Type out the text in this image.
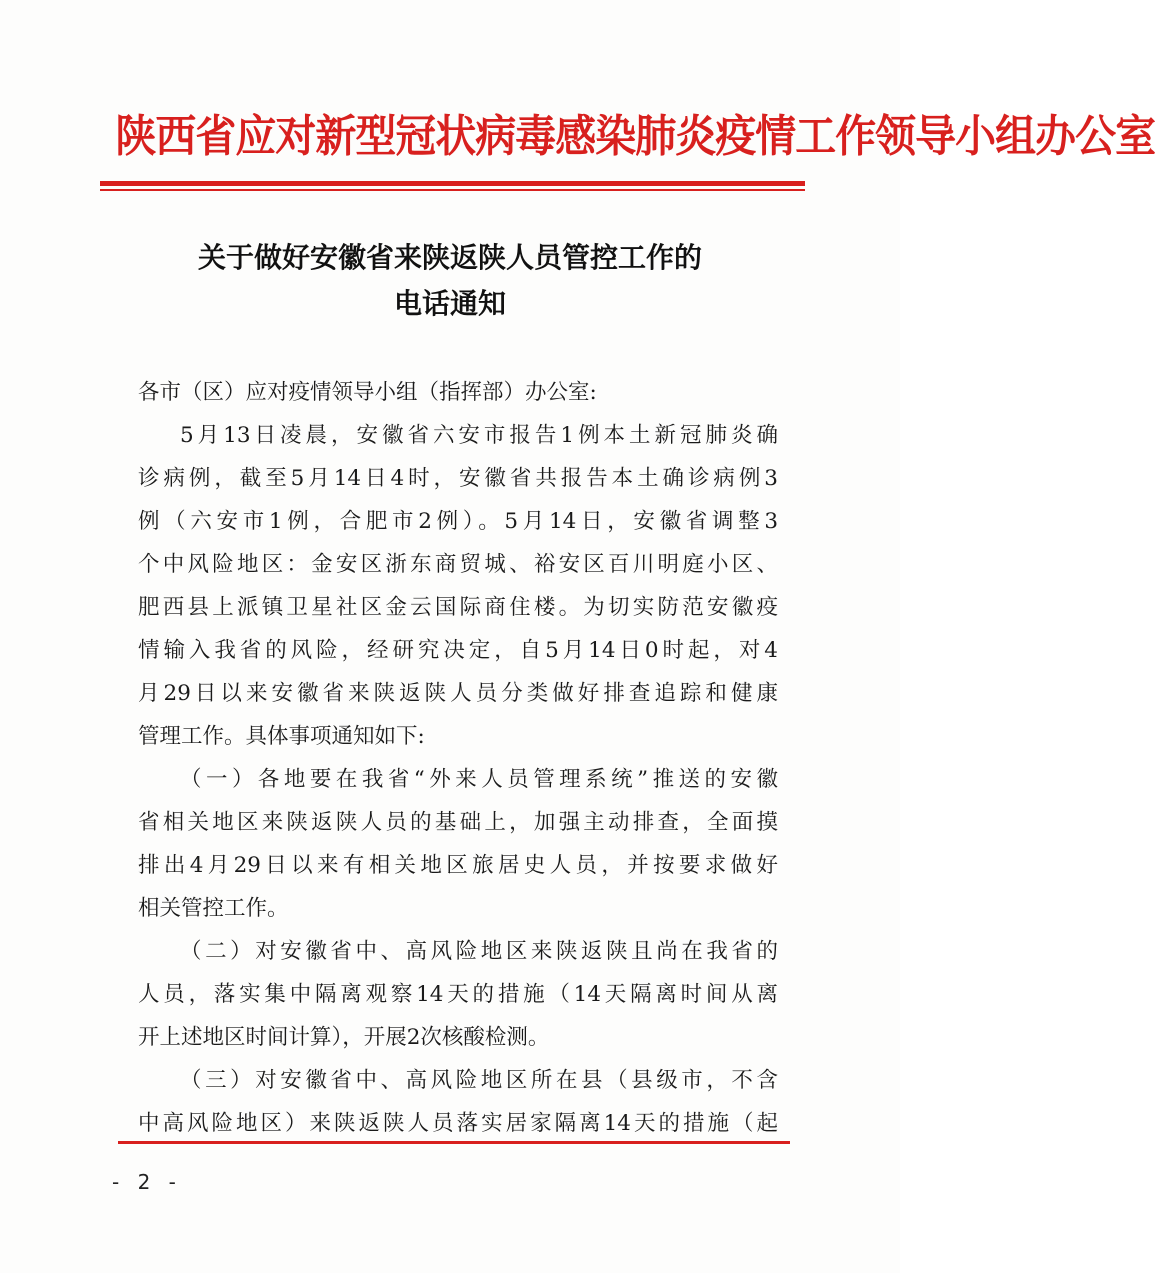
陕西省应对新型冠状病毒感染肺炎疫情工作领导小组办公室
关于做好安徽省来陕返陕人员管控工作的
电话通知
各市（区）应对疫情领导小组（指挥部）办公室:
5月13日凌晨，安徽省六安市报告1例本土新冠肺炎确
诊病例，截至5月14日4时，安徽省共报告本土确诊病例3
例（六安市1例，合肥市2例）。5月14日，安徽省调整3
个中风险地区：金安区浙东商贸城、裕安区百川明庭小区、
肥西县上派镇卫星社区金云国际商住楼。为切实防范安徽疫
情输入我省的风险，经研究决定，自5月14日0时起，对4
月29日以来安徽省来陕返陕人员分类做好排查追踪和健康
管理工作。具体事项通知如下:
（一）各地要在我省“外来人员管理系统”推送的安徽
省相关地区来陕返陕人员的基础上，加强主动排查，全面摸
排出4月29日以来有相关地区旅居史人员，并按要求做好
相关管控工作。
（二）对安徽省中、高风险地区来陕返陕且尚在我省的
人员，落实集中隔离观察14天的措施（14天隔离时间从离
开上述地区时间计算），开展2次核酸检测。
（三）对安徽省中、高风险地区所在县（县级市，不含
中高风险地区）来陕返陕人员落实居家隔离14天的措施（起
- 2 -
